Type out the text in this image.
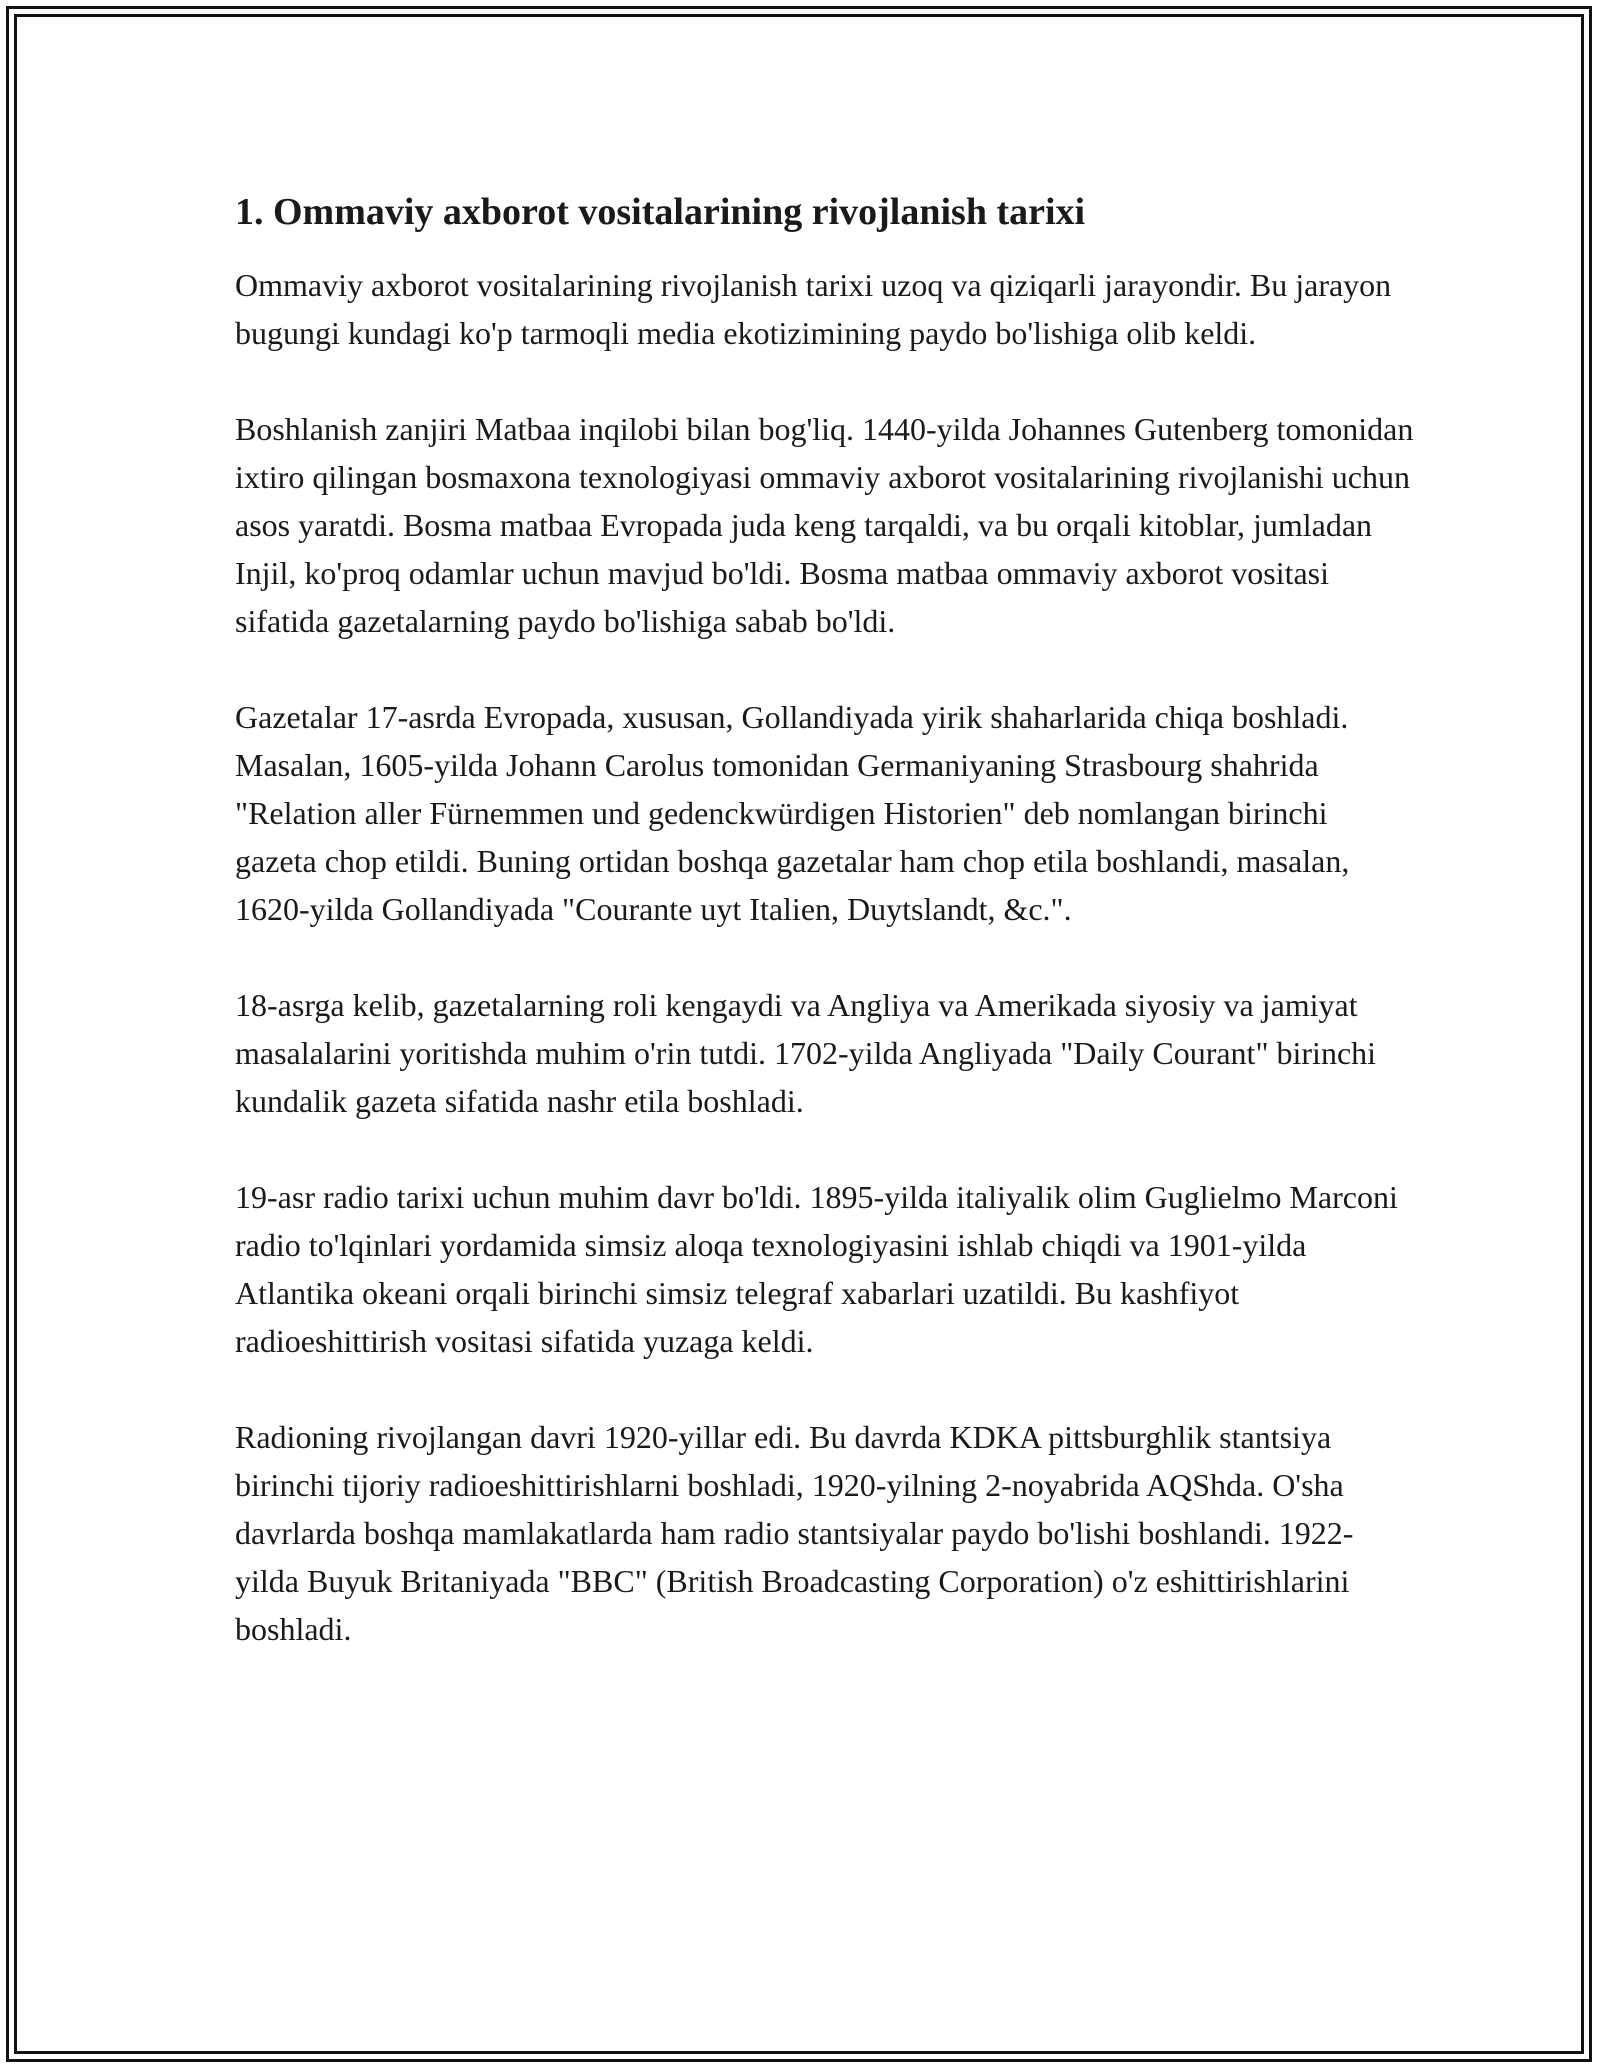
1. Ommaviy axborot vositalarining rivojlanish tarixi

Ommaviy axborot vositalarining rivojlanish tarixi uzoq va qiziqarli jarayondir. Bu jarayon bugungi kundagi ko'p tarmoqli media ekotizimining paydo bo'lishiga olib keldi.

Boshlanish zanjiri Matbaa inqilobi bilan bog'liq. 1440-yilda Johannes Gutenberg tomonidan ixtiro qilingan bosmaxona texnologiyasi ommaviy axborot vositalarining rivojlanishi uchun asos yaratdi. Bosma matbaa Evropada juda keng tarqaldi, va bu orqali kitoblar, jumladan Injil, ko'proq odamlar uchun mavjud bo'ldi. Bosma matbaa ommaviy axborot vositasi sifatida gazetalarning paydo bo'lishiga sabab bo'ldi.

Gazetalar 17-asrda Evropada, xususan, Gollandiyada yirik shaharlarida chiqa boshladi. Masalan, 1605-yilda Johann Carolus tomonidan Germaniyaning Strasbourg shahrida "Relation aller Fürnemmen und gedenckwürdigen Historien" deb nomlangan birinchi gazeta chop etildi. Buning ortidan boshqa gazetalar ham chop etila boshlandi, masalan, 1620-yilda Gollandiyada "Courante uyt Italien, Duytslandt, &c.".

18-asrga kelib, gazetalarning roli kengaydi va Angliya va Amerikada siyosiy va jamiyat masalalarini yoritishda muhim o'rin tutdi. 1702-yilda Angliyada "Daily Courant" birinchi kundalik gazeta sifatida nashr etila boshladi.

19-asr radio tarixi uchun muhim davr bo'ldi. 1895-yilda italiyalik olim Guglielmo Marconi radio to'lqinlari yordamida simsiz aloqa texnologiyasini ishlab chiqdi va 1901-yilda Atlantika okeani orqali birinchi simsiz telegraf xabarlari uzatildi. Bu kashfiyot radioeshittirish vositasi sifatida yuzaga keldi.

Radioning rivojlangan davri 1920-yillar edi. Bu davrda KDKA pittsburghlik stantsiya birinchi tijoriy radioeshittirishlarni boshladi, 1920-yilning 2-noyabrida AQShda. O'sha davrlarda boshqa mamlakatlarda ham radio stantsiyalar paydo bo'lishi boshlandi. 1922-yilda Buyuk Britaniyada "BBC" (British Broadcasting Corporation) o'z eshittirishlarini boshladi.
